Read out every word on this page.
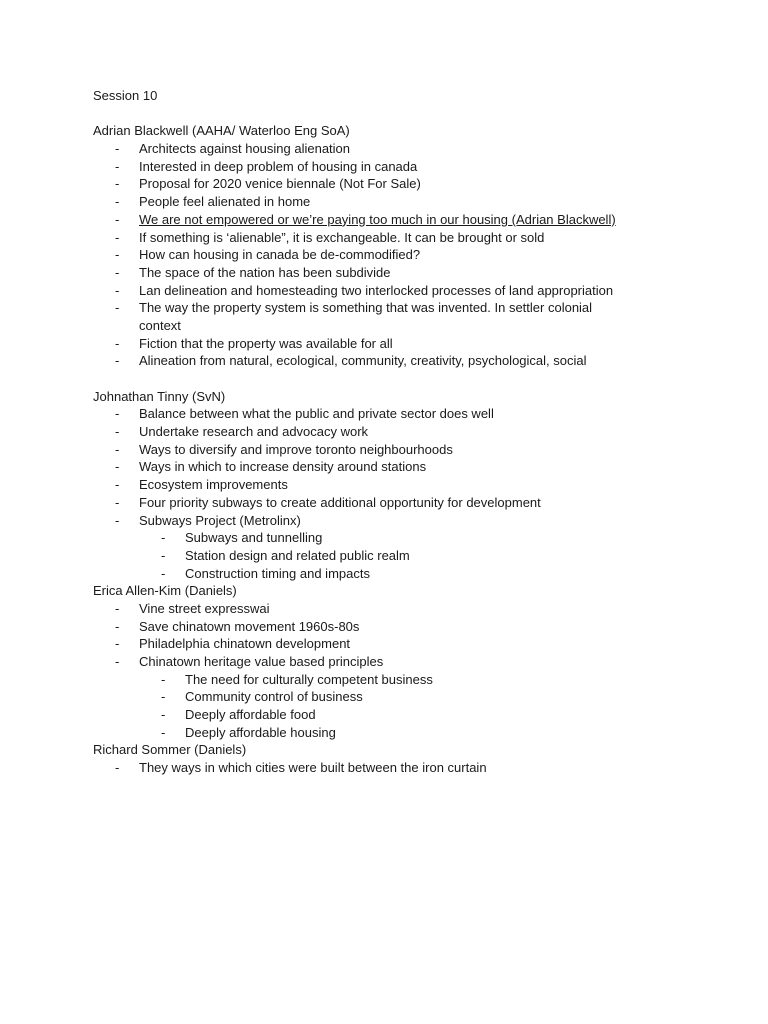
Session 10
Adrian Blackwell (AAHA/ Waterloo Eng SoA)
- Architects against housing alienation
- Interested in deep problem of housing in canada
- Proposal for 2020 venice biennale (Not For Sale)
- People feel alienated in home
- We are not empowered or we’re paying too much in our housing (Adrian Blackwell)
- If something is ‘alienable”, it is exchangeable. It can be brought or sold
- How can housing in canada be de-commodified?
- The space of the nation has been subdivide
- Lan delineation and homesteading two interlocked processes of land appropriation
- The way the property system is something that was invented. In settler colonial
context
- Fiction that the property was available for all
- Alineation from natural, ecological, community, creativity, psychological, social
Johnathan Tinny (SvN)
- Balance between what the public and private sector does well
- Undertake research and advocacy work
- Ways to diversify and improve toronto neighbourhoods
- Ways in which to increase density around stations
- Ecosystem improvements
- Four priority subways to create additional opportunity for development
- Subways Project (Metrolinx)
- Subways and tunnelling
- Station design and related public realm
- Construction timing and impacts
Erica Allen-Kim (Daniels)
- Vine street expresswai
- Save chinatown movement 1960s-80s
- Philadelphia chinatown development
- Chinatown heritage value based principles
- The need for culturally competent business
- Community control of business
- Deeply affordable food
- Deeply affordable housing
Richard Sommer (Daniels)
- They ways in which cities were built between the iron curtain
